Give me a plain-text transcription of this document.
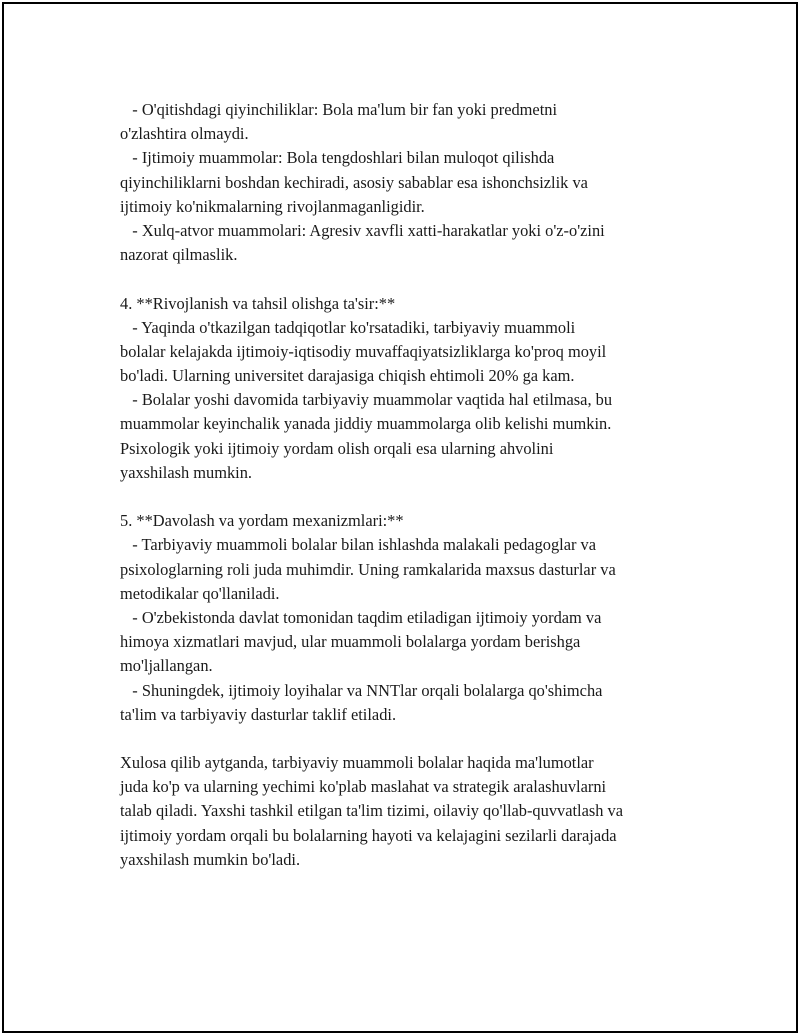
- O'qitishdagi qiyinchiliklar: Bola ma'lum bir fan yoki predmetni
o'zlashtira olmaydi.
- Ijtimoiy muammolar: Bola tengdoshlari bilan muloqot qilishda
qiyinchiliklarni boshdan kechiradi, asosiy sabablar esa ishonchsizlik va
ijtimoiy ko'nikmalarning rivojlanmaganligidir.
- Xulq-atvor muammolari: Agresiv xavfli xatti-harakatlar yoki o'z-o'zini
nazorat qilmaslik.
4. **Rivojlanish va tahsil olishga ta'sir:**
- Yaqinda o'tkazilgan tadqiqotlar ko'rsatadiki, tarbiyaviy muammoli
bolalar kelajakda ijtimoiy-iqtisodiy muvaffaqiyatsizliklarga ko'proq moyil
bo'ladi. Ularning universitet darajasiga chiqish ehtimoli 20% ga kam.
- Bolalar yoshi davomida tarbiyaviy muammolar vaqtida hal etilmasa, bu
muammolar keyinchalik yanada jiddiy muammolarga olib kelishi mumkin.
Psixologik yoki ijtimoiy yordam olish orqali esa ularning ahvolini
yaxshilash mumkin.
5. **Davolash va yordam mexanizmlari:**
- Tarbiyaviy muammoli bolalar bilan ishlashda malakali pedagoglar va
psixologlarning roli juda muhimdir. Uning ramkalarida maxsus dasturlar va
metodikalar qo'llaniladi.
- O'zbekistonda davlat tomonidan taqdim etiladigan ijtimoiy yordam va
himoya xizmatlari mavjud, ular muammoli bolalarga yordam berishga
mo'ljallangan.
- Shuningdek, ijtimoiy loyihalar va NNTlar orqali bolalarga qo'shimcha
ta'lim va tarbiyaviy dasturlar taklif etiladi.
Xulosa qilib aytganda, tarbiyaviy muammoli bolalar haqida ma'lumotlar
juda ko'p va ularning yechimi ko'plab maslahat va strategik aralashuvlarni
talab qiladi. Yaxshi tashkil etilgan ta'lim tizimi, oilaviy qo'llab-quvvatlash va
ijtimoiy yordam orqali bu bolalarning hayoti va kelajagini sezilarli darajada
yaxshilash mumkin bo'ladi.
